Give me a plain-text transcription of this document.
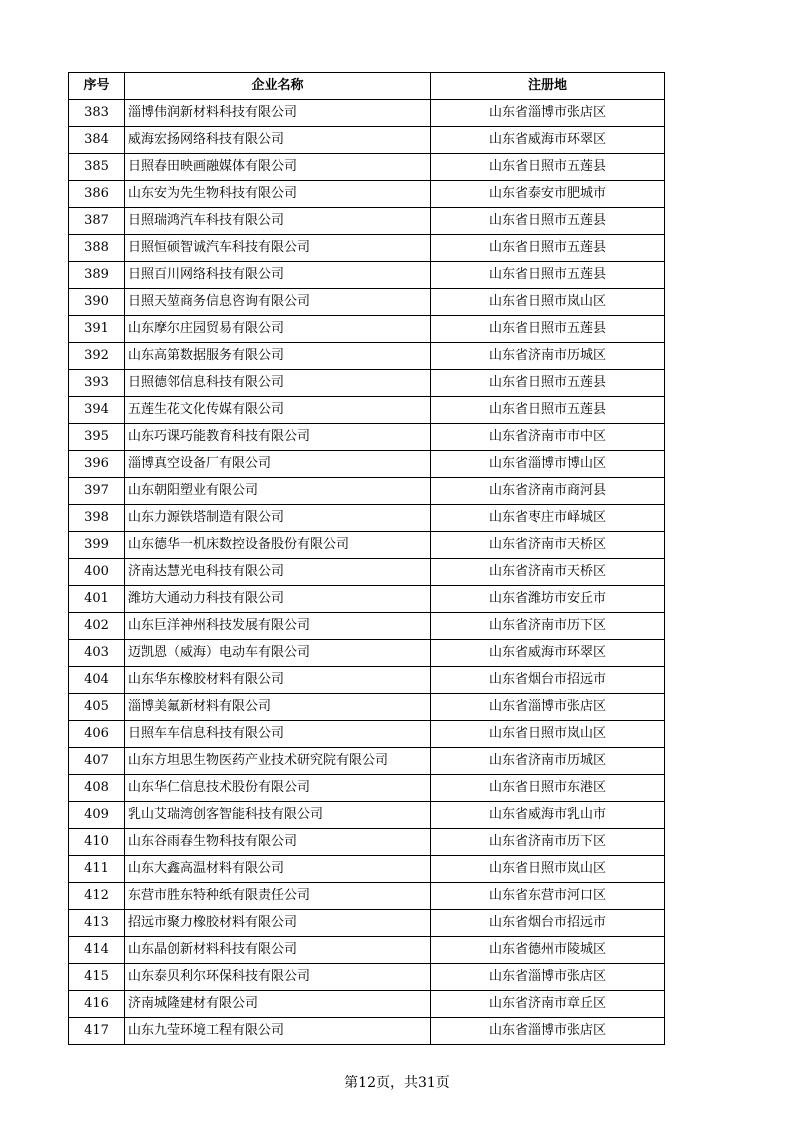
序号	企业名称	注册地
383	淄博伟润新材料科技有限公司	山东省淄博市张店区
384	威海宏扬网络科技有限公司	山东省威海市环翠区
385	日照春田映画融媒体有限公司	山东省日照市五莲县
386	山东安为先生物科技有限公司	山东省泰安市肥城市
387	日照瑞鸿汽车科技有限公司	山东省日照市五莲县
388	日照恒硕智诚汽车科技有限公司	山东省日照市五莲县
389	日照百川网络科技有限公司	山东省日照市五莲县
390	日照天堃商务信息咨询有限公司	山东省日照市岚山区
391	山东摩尔庄园贸易有限公司	山东省日照市五莲县
392	山东高第数据服务有限公司	山东省济南市历城区
393	日照德邻信息科技有限公司	山东省日照市五莲县
394	五莲生花文化传媒有限公司	山东省日照市五莲县
395	山东巧课巧能教育科技有限公司	山东省济南市市中区
396	淄博真空设备厂有限公司	山东省淄博市博山区
397	山东朝阳塑业有限公司	山东省济南市商河县
398	山东力源铁塔制造有限公司	山东省枣庄市峄城区
399	山东德华一机床数控设备股份有限公司	山东省济南市天桥区
400	济南达慧光电科技有限公司	山东省济南市天桥区
401	潍坊大通动力科技有限公司	山东省潍坊市安丘市
402	山东巨洋神州科技发展有限公司	山东省济南市历下区
403	迈凯恩（威海）电动车有限公司	山东省威海市环翠区
404	山东华东橡胶材料有限公司	山东省烟台市招远市
405	淄博美氟新材料有限公司	山东省淄博市张店区
406	日照车车信息科技有限公司	山东省日照市岚山区
407	山东方坦思生物医药产业技术研究院有限公司	山东省济南市历城区
408	山东华仁信息技术股份有限公司	山东省日照市东港区
409	乳山艾瑞湾创客智能科技有限公司	山东省威海市乳山市
410	山东谷雨春生物科技有限公司	山东省济南市历下区
411	山东大鑫高温材料有限公司	山东省日照市岚山区
412	东营市胜东特种纸有限责任公司	山东省东营市河口区
413	招远市聚力橡胶材料有限公司	山东省烟台市招远市
414	山东晶创新材料科技有限公司	山东省德州市陵城区
415	山东泰贝利尔环保科技有限公司	山东省淄博市张店区
416	济南城隆建材有限公司	山东省济南市章丘区
417	山东九莹环境工程有限公司	山东省淄博市张店区
第12页，共31页
